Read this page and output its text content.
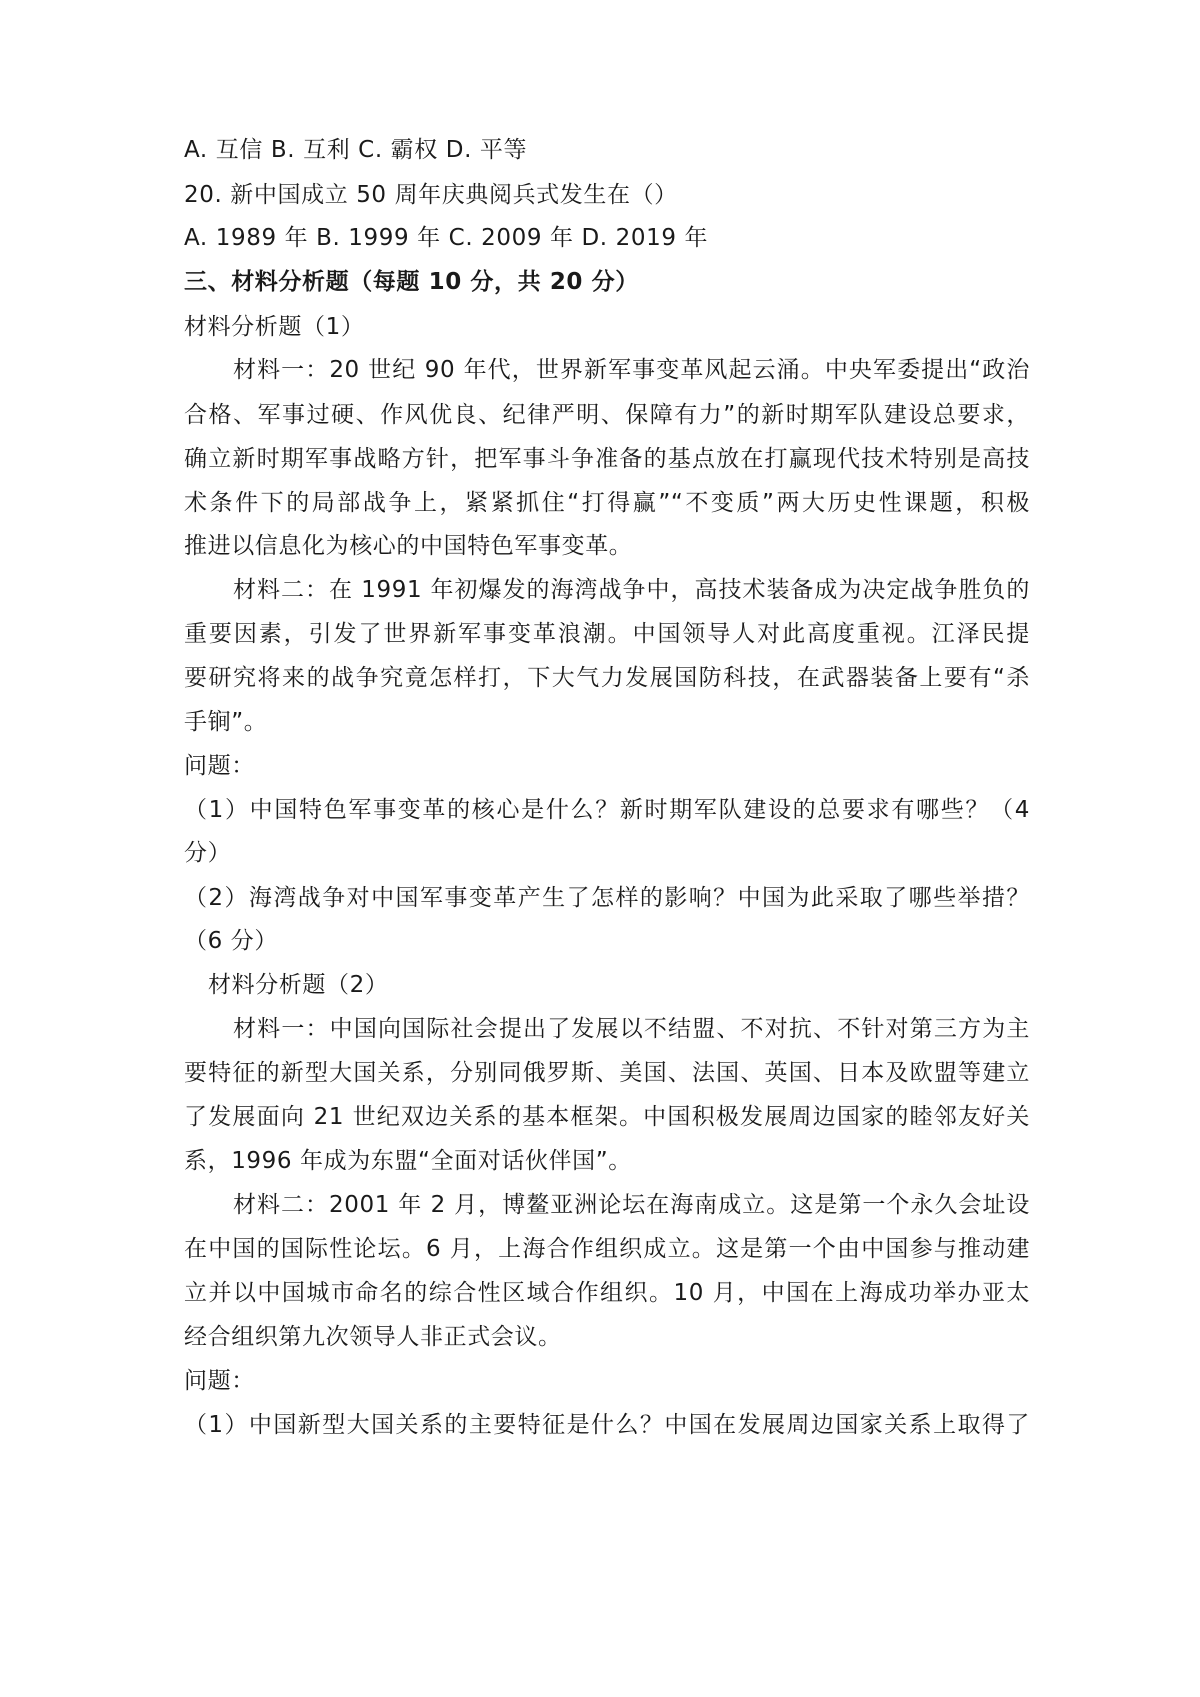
A. 互信 B. 互利 C. 霸权 D. 平等
20. 新中国成立 50 周年庆典阅兵式发生在（）
A. 1989 年 B. 1999 年 C. 2009 年 D. 2019 年
三、材料分析题（每题 10 分，共 20 分）
材料分析题（1）
材料一：20 世纪 90 年代，世界新军事变革风起云涌。中央军委提出“政治
合格、军事过硬、作风优良、纪律严明、保障有力”的新时期军队建设总要求，
确立新时期军事战略方针，把军事斗争准备的基点放在打赢现代技术特别是高技
术条件下的局部战争上，紧紧抓住“打得赢”“不变质”两大历史性课题，积极
推进以信息化为核心的中国特色军事变革。
材料二：在 1991 年初爆发的海湾战争中，高技术装备成为决定战争胜负的
重要因素，引发了世界新军事变革浪潮。中国领导人对此高度重视。江泽民提
要研究将来的战争究竟怎样打，下大气力发展国防科技，在武器装备上要有“杀
手锏”。
问题：
（1）中国特色军事变革的核心是什么？新时期军队建设的总要求有哪些？（4
分）
（2）海湾战争对中国军事变革产生了怎样的影响？中国为此采取了哪些举措？
（6 分）
材料分析题（2）
材料一：中国向国际社会提出了发展以不结盟、不对抗、不针对第三方为主
要特征的新型大国关系，分别同俄罗斯、美国、法国、英国、日本及欧盟等建立
了发展面向 21 世纪双边关系的基本框架。中国积极发展周边国家的睦邻友好关
系，1996 年成为东盟“全面对话伙伴国”。
材料二：2001 年 2 月，博鳌亚洲论坛在海南成立。这是第一个永久会址设
在中国的国际性论坛。6 月，上海合作组织成立。这是第一个由中国参与推动建
立并以中国城市命名的综合性区域合作组织。10 月，中国在上海成功举办亚太
经合组织第九次领导人非正式会议。
问题：
（1）中国新型大国关系的主要特征是什么？中国在发展周边国家关系上取得了
